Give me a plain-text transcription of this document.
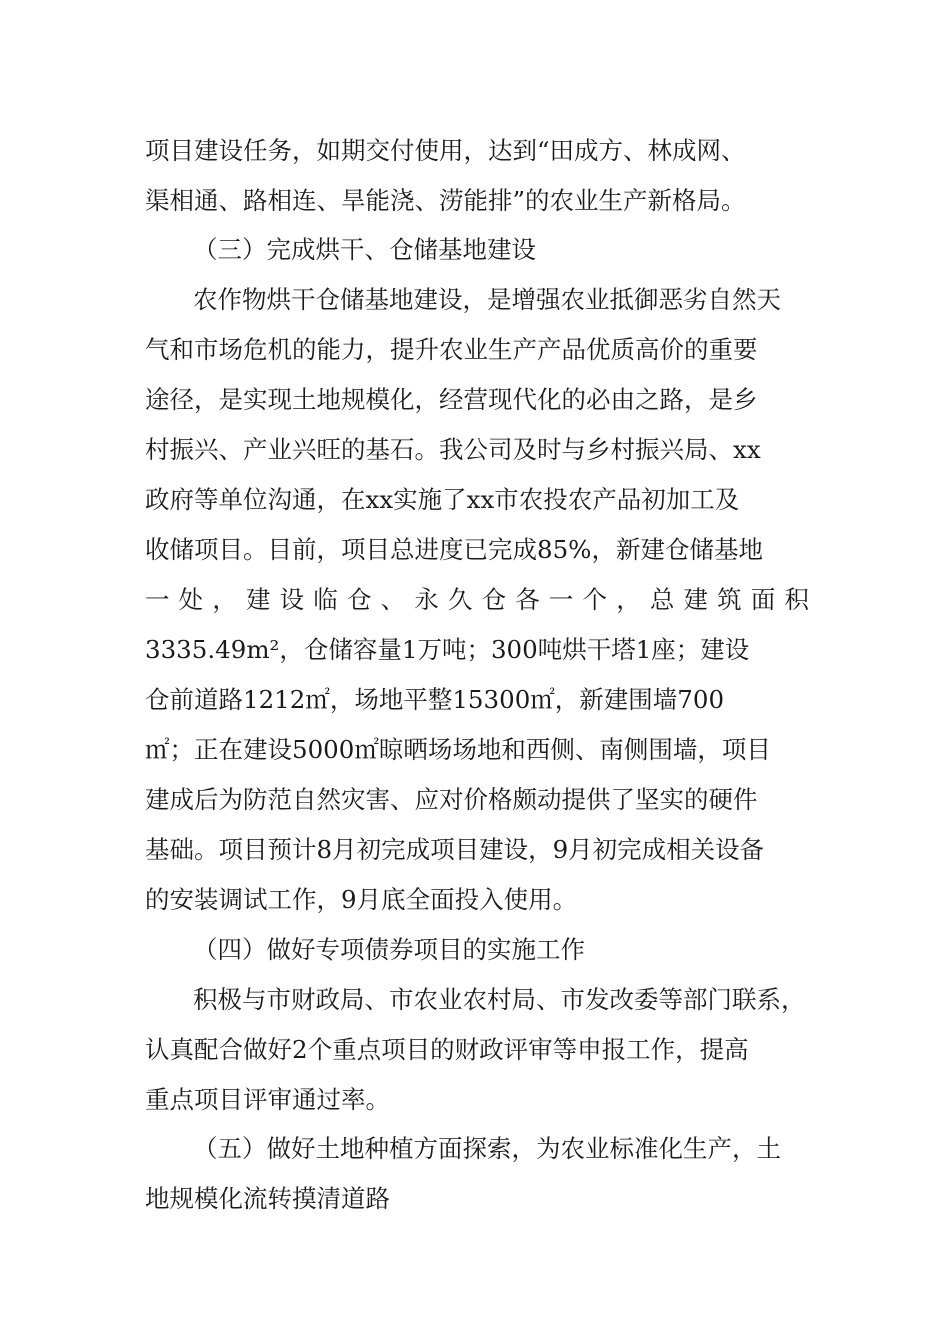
项目建设任务，如期交付使用，达到“田成方、林成网、
渠相通、路相连、旱能浇、涝能排”的农业生产新格局。
（三）完成烘干、仓储基地建设
农作物烘干仓储基地建设，是增强农业抵御恶劣自然天
气和市场危机的能力，提升农业生产产品优质高价的重要
途径，是实现土地规模化，经营现代化的必由之路，是乡
村振兴、产业兴旺的基石。我公司及时与乡村振兴局、xx
政府等单位沟通，在xx实施了xx市农投农产品初加工及
收储项目。目前，项目总进度已完成85%，新建仓储基地
一 处 ， 建 设 临 仓 、 永 久 仓 各 一 个 ， 总 建 筑 面 积
3335.49m²，仓储容量1万吨；300吨烘干塔1座；建设
仓前道路1212㎡，场地平整15300㎡，新建围墙700
㎡；正在建设5000㎡晾晒场场地和西侧、南侧围墙，项目
建成后为防范自然灾害、应对价格颇动提供了坚实的硬件
基础。项目预计8月初完成项目建设，9月初完成相关设备
的安装调试工作，9月底全面投入使用。
（四）做好专项债券项目的实施工作
积极与市财政局、市农业农村局、市发改委等部门联系，
认真配合做好2个重点项目的财政评审等申报工作，提高
重点项目评审通过率。
（五）做好土地种植方面探索，为农业标准化生产，土
地规模化流转摸清道路
